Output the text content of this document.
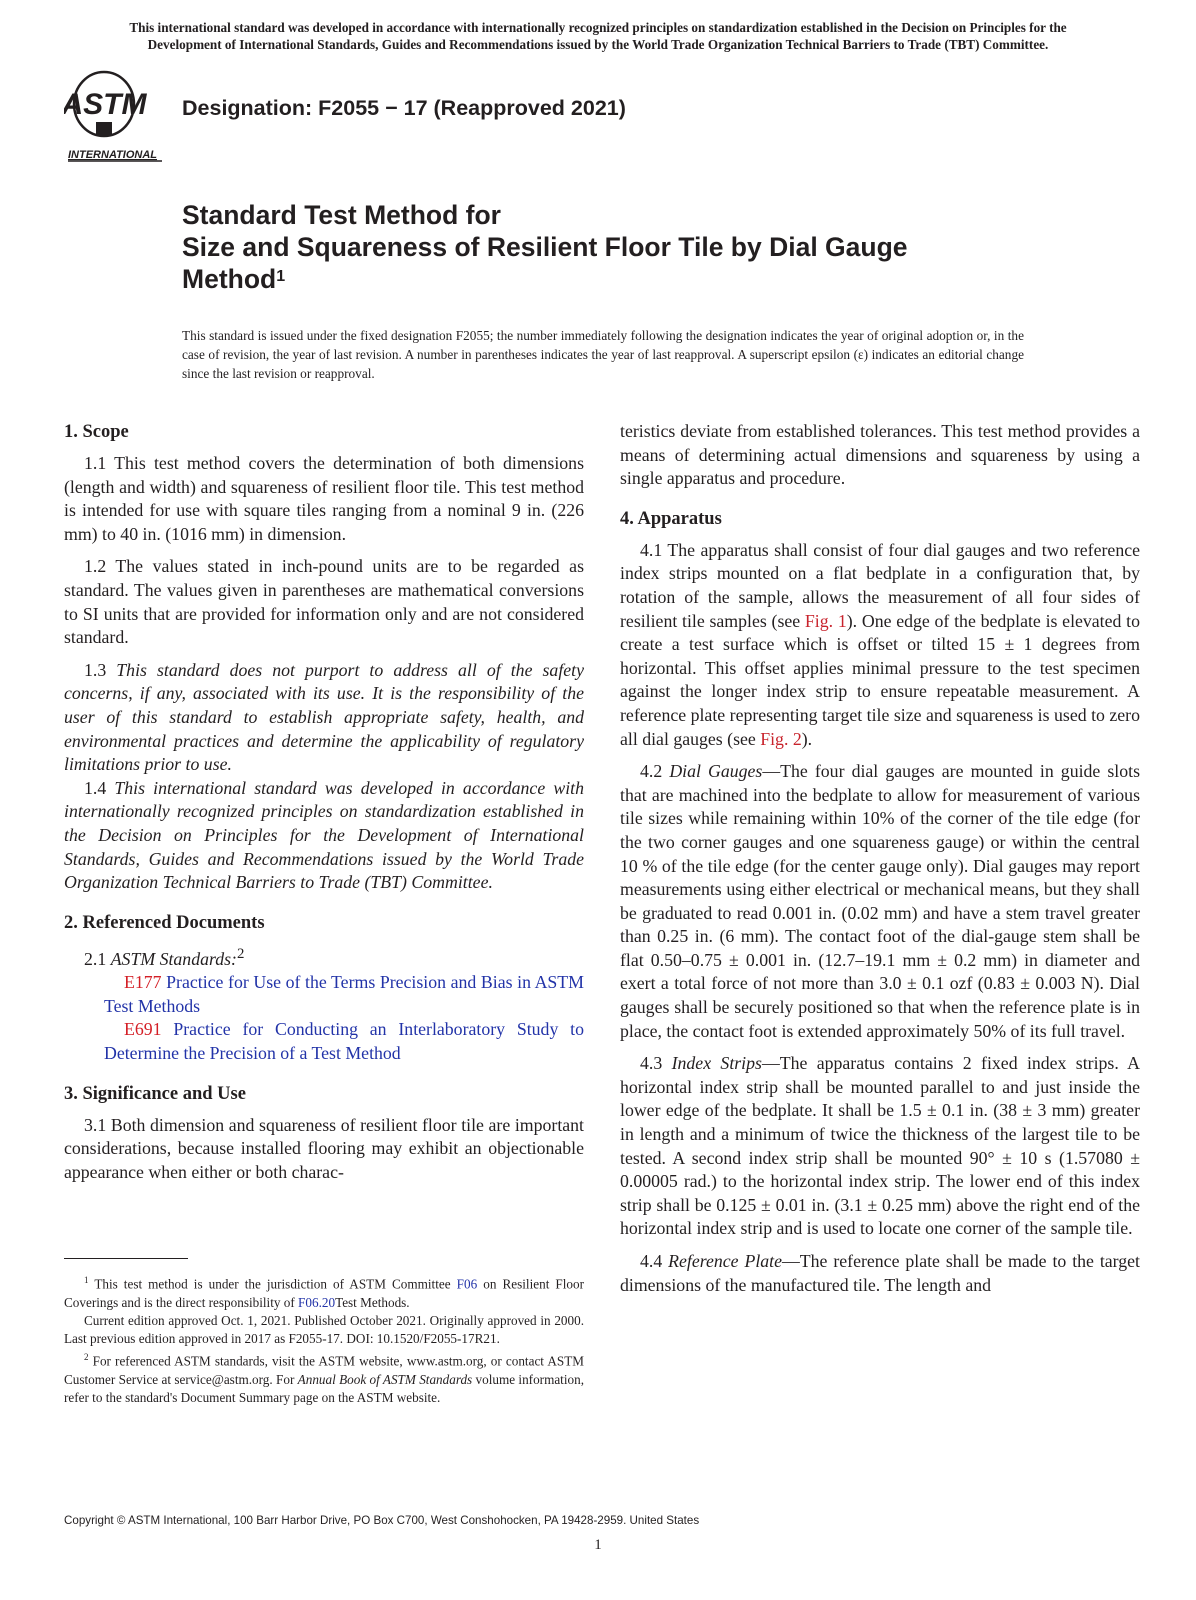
This international standard was developed in accordance with internationally recognized principles on standardization established in the Decision on Principles for the
Development of International Standards, Guides and Recommendations issued by the World Trade Organization Technical Barriers to Trade (TBT) Committee.
ASTM
INTERNATIONAL
Designation: F2055 − 17 (Reapproved 2021)
Standard Test Method for
Size and Squareness of Resilient Floor Tile by Dial Gauge
Method$^1$
This standard is issued under the fixed designation F2055; the number immediately following the designation indicates the year of original adoption or, in the case of revision, the year of last revision. A number in parentheses indicates the year of last reapproval. A superscript epsilon (ε) indicates an editorial change since the last revision or reapproval.
1. Scope

1.1 This test method covers the determination of both dimensions (length and width) and squareness of resilient floor tile. This test method is intended for use with square tiles ranging from a nominal 9 in. (226 mm) to 40 in. (1016 mm) in dimension.

1.2 The values stated in inch-pound units are to be regarded as standard. The values given in parentheses are mathematical conversions to SI units that are provided for information only and are not considered standard.

1.3 This standard does not purport to address all of the safety concerns, if any, associated with its use. It is the responsibility of the user of this standard to establish appropriate safety, health, and environmental practices and determine the applicability of regulatory limitations prior to use.

1.4 This international standard was developed in accordance with internationally recognized principles on standardization established in the Decision on Principles for the Development of International Standards, Guides and Recommendations issued by the World Trade Organization Technical Barriers to Trade (TBT) Committee.

2. Referenced Documents

2.1 ASTM Standards:$^2$

E177 Practice for Use of the Terms Precision and Bias in ASTM Test Methods

E691 Practice for Conducting an Interlaboratory Study to Determine the Precision of a Test Method

3. Significance and Use

3.1 Both dimension and squareness of resilient floor tile are important considerations, because installed flooring may exhibit an objectionable appearance when either or both charac-

$^1$ This test method is under the jurisdiction of ASTM Committee F06 on Resilient Floor Coverings and is the direct responsibility of F06.20Test Methods.

Current edition approved Oct. 1, 2021. Published October 2021. Originally approved in 2000. Last previous edition approved in 2017 as F2055-17. DOI: 10.1520/F2055-17R21.

$^2$ For referenced ASTM standards, visit the ASTM website, www.astm.org, or contact ASTM Customer Service at service@astm.org. For Annual Book of ASTM Standards volume information, refer to the standard's Document Summary page on the ASTM website.

teristics deviate from established tolerances. This test method provides a means of determining actual dimensions and squareness by using a single apparatus and procedure.

4. Apparatus

4.1 The apparatus shall consist of four dial gauges and two reference index strips mounted on a flat bedplate in a configuration that, by rotation of the sample, allows the measurement of all four sides of resilient tile samples (see Fig. 1). One edge of the bedplate is elevated to create a test surface which is offset or tilted 15 ± 1 degrees from horizontal. This offset applies minimal pressure to the test specimen against the longer index strip to ensure repeatable measurement. A reference plate representing target tile size and squareness is used to zero all dial gauges (see Fig. 2).

4.2 Dial Gauges—The four dial gauges are mounted in guide slots that are machined into the bedplate to allow for measurement of various tile sizes while remaining within 10% of the corner of the tile edge (for the two corner gauges and one squareness gauge) or within the central 10 % of the tile edge (for the center gauge only). Dial gauges may report measurements using either electrical or mechanical means, but they shall be graduated to read 0.001 in. (0.02 mm) and have a stem travel greater than 0.25 in. (6 mm). The contact foot of the dial-gauge stem shall be flat 0.50–0.75 ± 0.001 in. (12.7–19.1 mm ± 0.2 mm) in diameter and exert a total force of not more than 3.0 ± 0.1 ozf (0.83 ± 0.003 N). Dial gauges shall be securely positioned so that when the reference plate is in place, the contact foot is extended approximately 50% of its full travel.

4.3 Index Strips—The apparatus contains 2 fixed index strips. A horizontal index strip shall be mounted parallel to and just inside the lower edge of the bedplate. It shall be 1.5 ± 0.1 in. (38 ± 3 mm) greater in length and a minimum of twice the thickness of the largest tile to be tested. A second index strip shall be mounted 90° ± 10 s (1.57080 ± 0.00005 rad.) to the horizontal index strip. The lower end of this index strip shall be 0.125 ± 0.01 in. (3.1 ± 0.25 mm) above the right end of the horizontal index strip and is used to locate one corner of the sample tile.

4.4 Reference Plate—The reference plate shall be made to the target dimensions of the manufactured tile. The length and

Copyright © ASTM International, 100 Barr Harbor Drive, PO Box C700, West Conshohocken, PA 19428-2959. United States
1
